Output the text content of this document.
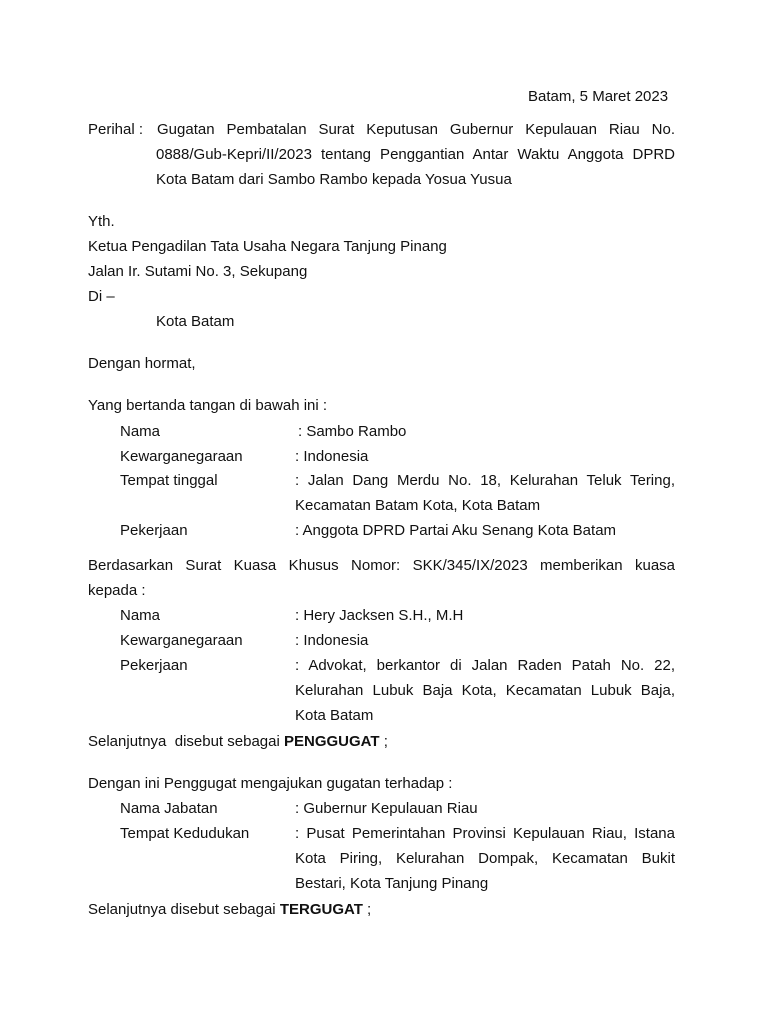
Batam, 5 Maret 2023
Perihal : Gugatan Pembatalan Surat Keputusan Gubernur Kepulauan Riau No.
0888/Gub-Kepri/II/2023 tentang Penggantian Antar Waktu Anggota DPRD
Kota Batam dari Sambo Rambo kepada Yosua Yusua
Yth.
Ketua Pengadilan Tata Usaha Negara Tanjung Pinang
Jalan Ir. Sutami No. 3, Sekupang
Di –
Kota Batam
Dengan hormat,
Yang bertanda tangan di bawah ini :
Nama	: Sambo Rambo
Kewarganegaraan	: Indonesia
Tempat tinggal	: Jalan Dang Merdu No. 18, Kelurahan Teluk Tering,
Kecamatan Batam Kota, Kota Batam
Pekerjaan	: Anggota DPRD Partai Aku Senang Kota Batam
Berdasarkan Surat Kuasa Khusus Nomor: SKK/345/IX/2023 memberikan kuasa
kepada :
Nama	: Hery Jacksen S.H., M.H
Kewarganegaraan	: Indonesia
Pekerjaan	: Advokat, berkantor di Jalan Raden Patah No. 22,
Kelurahan Lubuk Baja Kota, Kecamatan Lubuk Baja,
Kota Batam
Selanjutnya  disebut sebagai PENGGUGAT ;
Dengan ini Penggugat mengajukan gugatan terhadap :
Nama Jabatan	: Gubernur Kepulauan Riau
Tempat Kedudukan	: Pusat Pemerintahan Provinsi Kepulauan Riau, Istana
Kota Piring, Kelurahan Dompak, Kecamatan Bukit
Bestari, Kota Tanjung Pinang
Selanjutnya disebut sebagai TERGUGAT ;
